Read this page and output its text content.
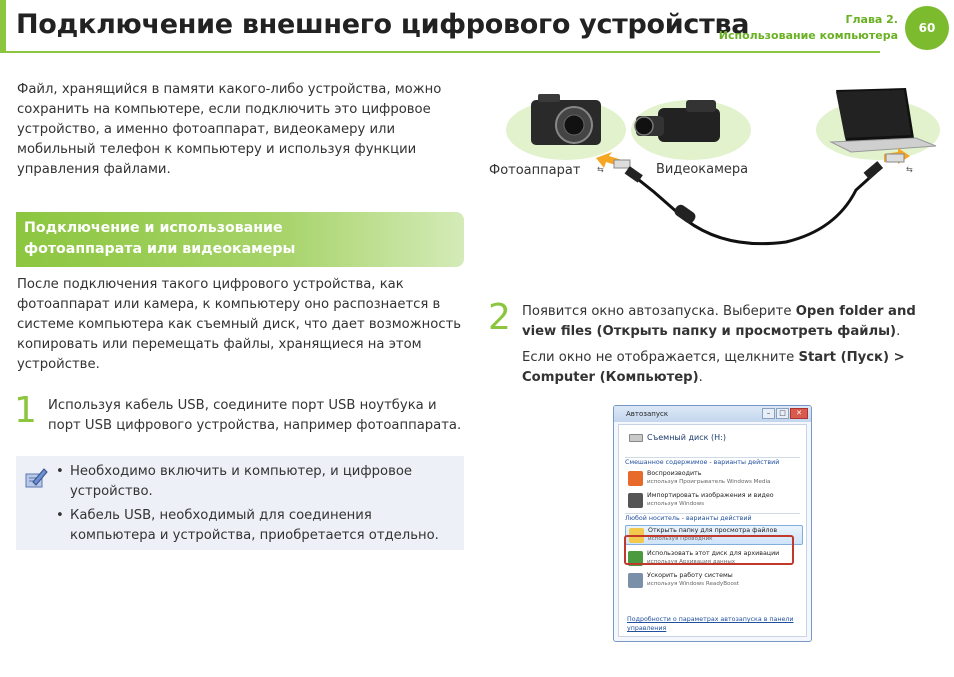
Подключение внешнего цифрового устройства	Глава 2.
Использование компьютера
60
Файл, хранящийся в памяти какого-либо устройства, можно сохранить на компьютере, если подключить это цифровое устройство, а именно фотоаппарат, видеокамеру или мобильный телефон к компьютеру и используя функции управления файлами.
Подключение и использование
фотоаппарата или видеокамеры
После подключения такого цифрового устройства, как фотоаппарат или камера, к компьютеру оно распознается в системе компьютера как съемный диск, что дает возможность копировать или перемещать файлы, хранящиеся на этом устройстве.
1 Используя кабель USB, соедините порт USB ноутбука и порт USB цифрового устройства, например фотоаппарата.
• Необходимо включить и компьютер, и цифровое устройство.
• Кабель USB, необходимый для соединения компьютера и устройства, приобретается отдельно.
⇆	⇆
Фотоаппарат	Видеокамера
2 Появится окно автозапуска. Выберите Open folder and view files (Открыть папку и просмотреть файлы).
Если окно не отображается, щелкните Start (Пуск) > Computer (Компьютер).
Автозапуск	–	□	✕
Съемный диск (H:)
Смешанное содержимое - варианты действий
Воспроизводить
используя Проигрыватель Windows Media
Импортировать изображения и видео
используя Windows
Любой носитель - варианты действий
Открыть папку для просмотра файлов
используя Проводник
Использовать этот диск для архивации
используя Архивация данных
Ускорить работу системы
используя Windows ReadyBoost
Подробности о параметрах автозапуска в панели управления
